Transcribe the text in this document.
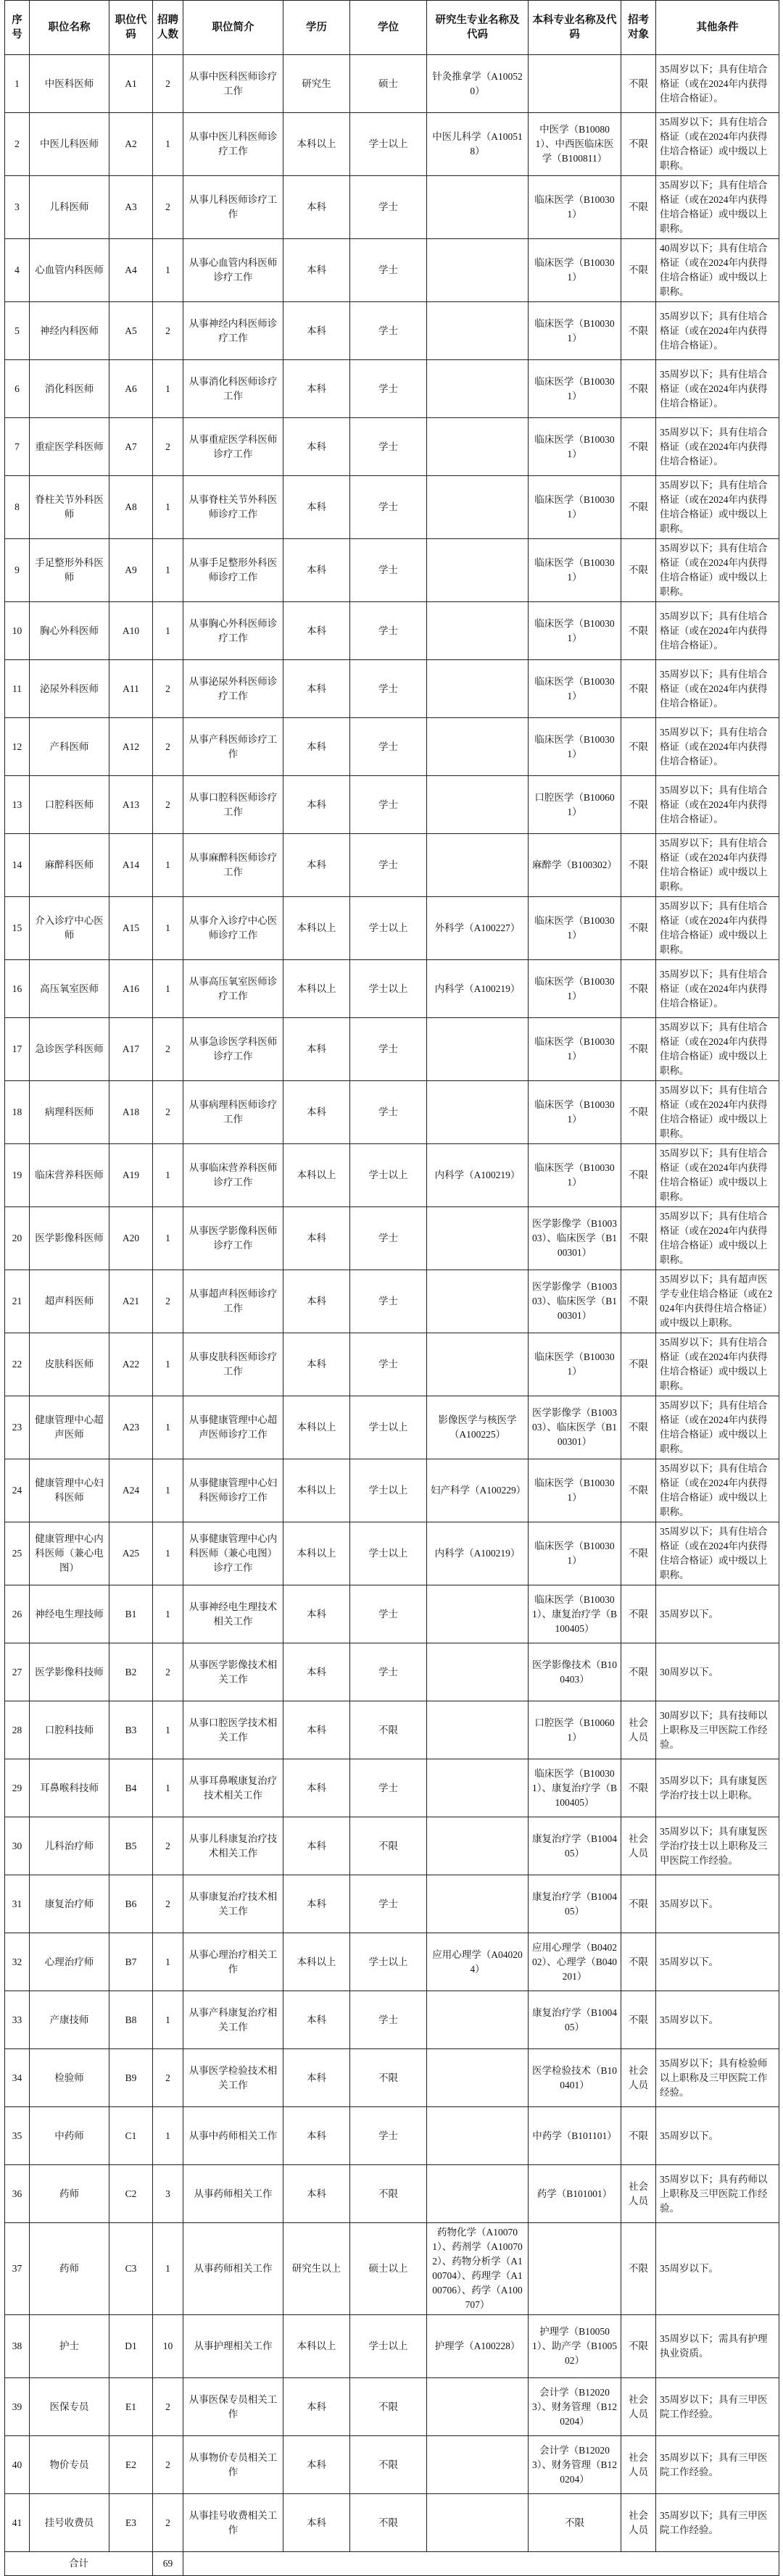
序号	职位名称	职位代码	招聘人数	职位简介	学历	学位	研究生专业名称及代码	本科专业名称及代码	招考对象	其他条件
1	中医科医师	A1	2	从事中医科医师诊疗工作	研究生	硕士	针灸推拿学（A100520）		不限	35周岁以下；具有住培合格证（或在2024年内获得住培合格证）。
2	中医儿科医师	A2	1	从事中医儿科医师诊疗工作	本科以上	学士以上	中医儿科学（A100518）	中医学（B100801）、中西医临床医学（B100811）	不限	35周岁以下；具有住培合格证（或在2024年内获得住培合格证）或中级以上职称。
3	儿科医师	A3	2	从事儿科医师诊疗工作	本科	学士		临床医学（B100301）	不限	35周岁以下；具有住培合格证（或在2024年内获得住培合格证）或中级以上职称。
4	心血管内科医师	A4	1	从事心血管内科医师诊疗工作	本科	学士		临床医学（B100301）	不限	40周岁以下；具有住培合格证（或在2024年内获得住培合格证）或中级以上职称。
5	神经内科医师	A5	2	从事神经内科医师诊疗工作	本科	学士		临床医学（B100301）	不限	35周岁以下；具有住培合格证（或在2024年内获得住培合格证）。
6	消化科医师	A6	1	从事消化科医师诊疗工作	本科	学士		临床医学（B100301）	不限	35周岁以下；具有住培合格证（或在2024年内获得住培合格证）。
7	重症医学科医师	A7	2	从事重症医学科医师诊疗工作	本科	学士		临床医学（B100301）	不限	35周岁以下；具有住培合格证（或在2024年内获得住培合格证）。
8	脊柱关节外科医师	A8	1	从事脊柱关节外科医师诊疗工作	本科	学士		临床医学（B100301）	不限	35周岁以下；具有住培合格证（或在2024年内获得住培合格证）或中级以上职称。
9	手足整形外科医师	A9	1	从事手足整形外科医师诊疗工作	本科	学士		临床医学（B100301）	不限	35周岁以下；具有住培合格证（或在2024年内获得住培合格证）或中级以上职称。
10	胸心外科医师	A10	1	从事胸心外科医师诊疗工作	本科	学士		临床医学（B100301）	不限	35周岁以下；具有住培合格证（或在2024年内获得住培合格证）。
11	泌尿外科医师	A11	2	从事泌尿外科医师诊疗工作	本科	学士		临床医学（B100301）	不限	35周岁以下；具有住培合格证（或在2024年内获得住培合格证）。
12	产科医师	A12	2	从事产科医师诊疗工作	本科	学士		临床医学（B100301）	不限	35周岁以下；具有住培合格证（或在2024年内获得住培合格证）。
13	口腔科医师	A13	2	从事口腔科医师诊疗工作	本科	学士		口腔医学（B100601）	不限	35周岁以下；具有住培合格证（或在2024年内获得住培合格证）。
14	麻醉科医师	A14	1	从事麻醉科医师诊疗工作	本科	学士		麻醉学（B100302）	不限	35周岁以下；具有住培合格证（或在2024年内获得住培合格证）或中级以上职称。
15	介入诊疗中心医师	A15	1	从事介入诊疗中心医师诊疗工作	本科以上	学士以上	外科学（A100227）	临床医学（B100301）	不限	35周岁以下；具有住培合格证（或在2024年内获得住培合格证）或中级以上职称。
16	高压氧室医师	A16	1	从事高压氧室医师诊疗工作	本科以上	学士以上	内科学（A100219）	临床医学（B100301）	不限	35周岁以下；具有住培合格证（或在2024年内获得住培合格证）。
17	急诊医学科医师	A17	2	从事急诊医学科医师诊疗工作	本科	学士		临床医学（B100301）	不限	35周岁以下；具有住培合格证（或在2024年内获得住培合格证）或中级以上职称。
18	病理科医师	A18	2	从事病理科医师诊疗工作	本科	学士		临床医学（B100301）	不限	35周岁以下；具有住培合格证（或在2024年内获得住培合格证）或中级以上职称。
19	临床营养科医师	A19	1	从事临床营养科医师诊疗工作	本科以上	学士以上	内科学（A100219）	临床医学（B100301）	不限	35周岁以下；具有住培合格证（或在2024年内获得住培合格证）或中级以上职称。
20	医学影像科医师	A20	1	从事医学影像科医师诊疗工作	本科	学士		医学影像学（B100303）、临床医学（B100301）	不限	35周岁以下；具有住培合格证（或在2024年内获得住培合格证）或中级以上职称。
21	超声科医师	A21	2	从事超声科医师诊疗工作	本科	学士		医学影像学（B100303）、临床医学（B100301）	不限	35周岁以下；具有超声医学专业住培合格证（或在2024年内获得住培合格证）或中级以上职称。
22	皮肤科医师	A22	1	从事皮肤科医师诊疗工作	本科	学士		临床医学（B100301）	不限	35周岁以下；具有住培合格证（或在2024年内获得住培合格证）或中级以上职称。
23	健康管理中心超声医师	A23	1	从事健康管理中心超声医师诊疗工作	本科以上	学士以上	影像医学与核医学（A100225）	医学影像学（B100303）、临床医学（B100301）	不限	35周岁以下；具有住培合格证（或在2024年内获得住培合格证）或中级以上职称。
24	健康管理中心妇科医师	A24	1	从事健康管理中心妇科医师诊疗工作	本科以上	学士以上	妇产科学（A100229）	临床医学（B100301）	不限	35周岁以下；具有住培合格证（或在2024年内获得住培合格证）或中级以上职称。
25	健康管理中心内科医师（兼心电图）	A25	1	从事健康管理中心内科医师（兼心电图）诊疗工作	本科以上	学士以上	内科学（A100219）	临床医学（B100301）	不限	35周岁以下；具有住培合格证（或在2024年内获得住培合格证）或中级以上职称。
26	神经电生理技师	B1	1	从事神经电生理技术相关工作	本科	学士		临床医学（B100301）、康复治疗学（B100405）	不限	35周岁以下。
27	医学影像科技师	B2	2	从事医学影像技术相关工作	本科	学士		医学影像技术（B100403）	不限	30周岁以下。
28	口腔科技师	B3	1	从事口腔医学技术相关工作	本科	不限		口腔医学（B100601）	社会人员	30周岁以下；具有技师以上职称及三甲医院工作经验。
29	耳鼻喉科技师	B4	1	从事耳鼻喉康复治疗技术相关工作	本科	学士		临床医学（B100301）、康复治疗学（B100405）	不限	35周岁以下；具有康复医学治疗技士以上职称。
30	儿科治疗师	B5	2	从事儿科康复治疗技术相关工作	本科	不限		康复治疗学（B100405）	社会人员	35周岁以下；具有康复医学治疗技士以上职称及三甲医院工作经验。
31	康复治疗师	B6	2	从事康复治疗技术相关工作	本科	学士		康复治疗学（B100405）	不限	35周岁以下。
32	心理治疗师	B7	1	从事心理治疗相关工作	本科以上	学士以上	应用心理学（A040204）	应用心理学（B040202）、心理学（B040201）	不限	35周岁以下。
33	产康技师	B8	1	从事产科康复治疗相关工作	本科	学士		康复治疗学（B100405）	不限	35周岁以下。
34	检验师	B9	2	从事医学检验技术相关工作	本科	不限		医学检验技术（B100401）	社会人员	35周岁以下；具有检验师以上职称及三甲医院工作经验。
35	中药师	C1	1	从事中药师相关工作	本科	学士		中药学（B101101）	不限	35周岁以下。
36	药师	C2	3	从事药师相关工作	本科	不限		药学（B101001）	社会人员	35周岁以下；具有药师以上职称及三甲医院工作经验。
37	药师	C3	1	从事药师相关工作	研究生以上	硕士以上	药物化学（A100701）、药剂学（A100702）、药物分析学（A100704）、药理学（A100706）、药学（A100707）		不限	35周岁以下。
38	护士	D1	10	从事护理相关工作	本科以上	学士以上	护理学（A100228）	护理学（B100501）、助产学（B100502）	不限	35周岁以下；需具有护理执业资质。
39	医保专员	E1	2	从事医保专员相关工作	本科	不限		会计学（B120203）、财务管理（B120204）	社会人员	35周岁以下；具有三甲医院工作经验。
40	物价专员	E2	2	从事物价专员相关工作	本科	不限		会计学（B120203）、财务管理（B120204）	社会人员	35周岁以下；具有三甲医院工作经验。
41	挂号收费员	E3	2	从事挂号收费相关工作	本科	不限		不限	社会人员	35周岁以下；具有三甲医院工作经验。
合计			69							
